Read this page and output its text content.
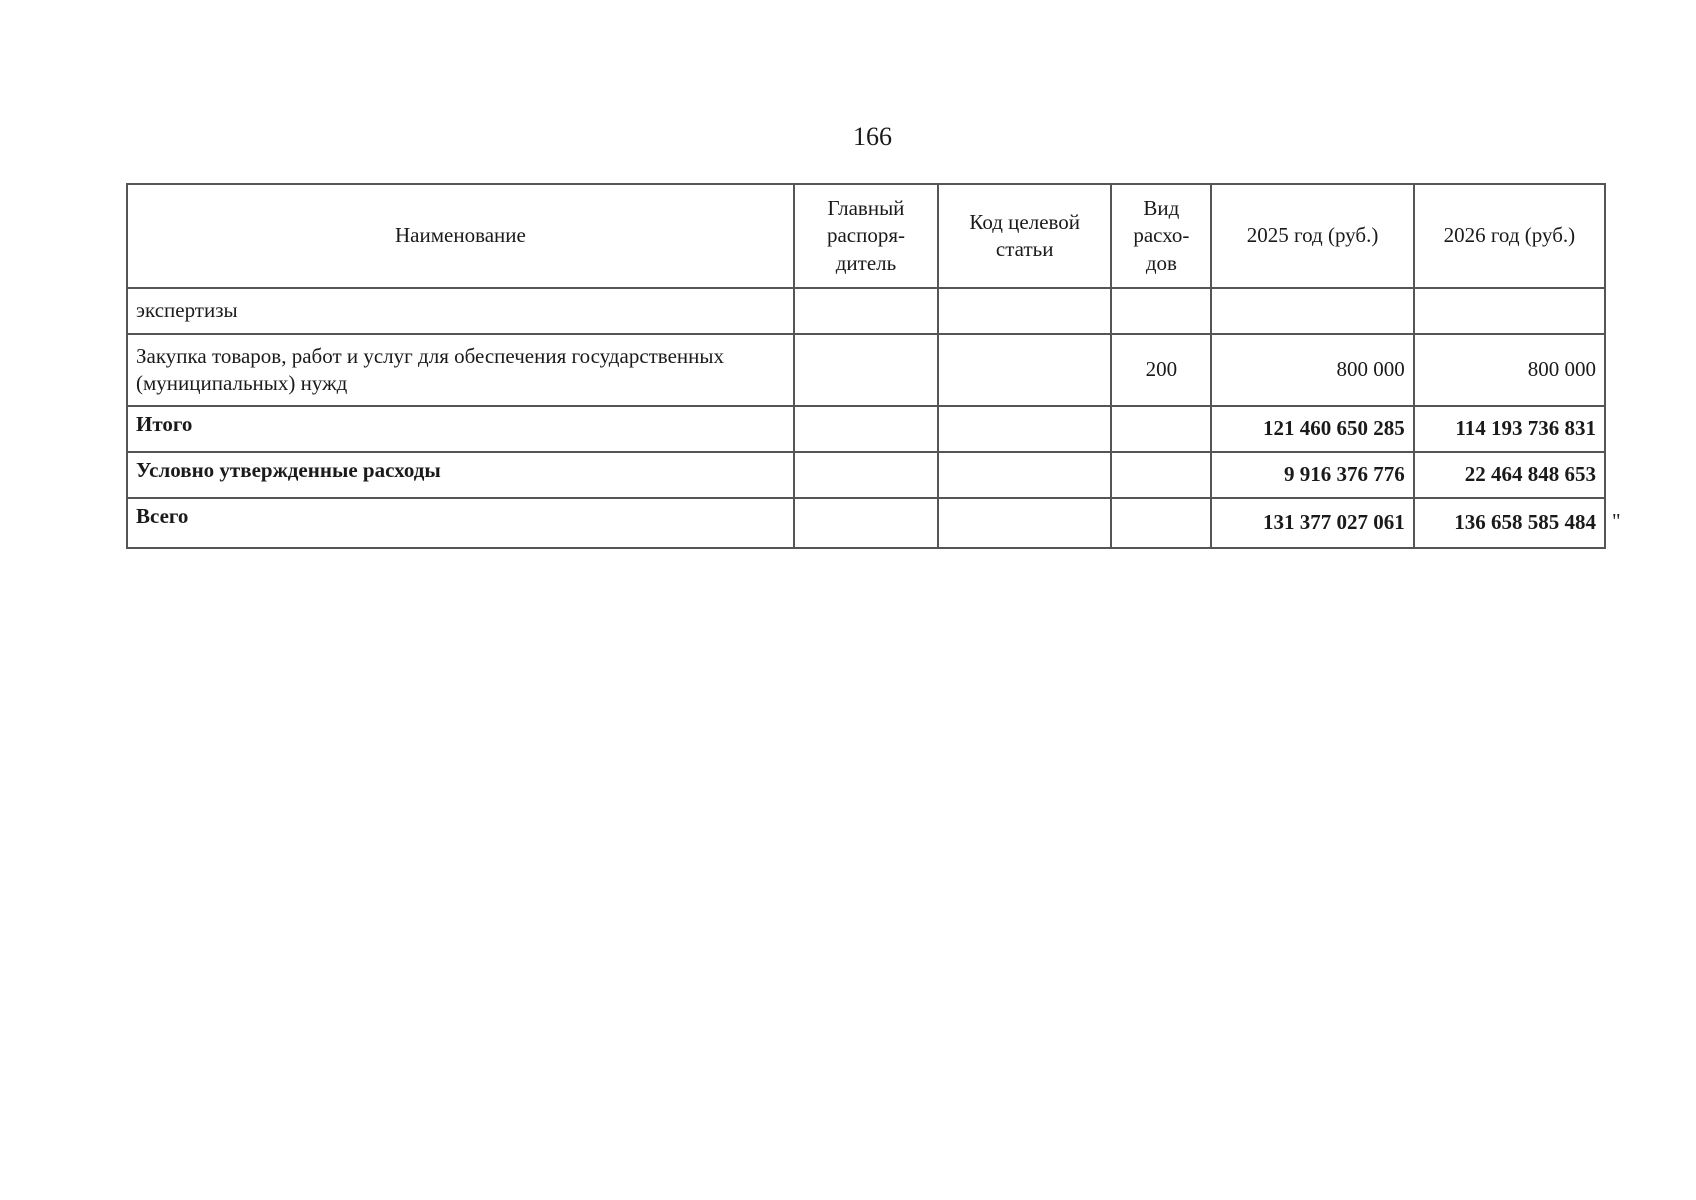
166
Наименование	Главный распоря-дитель	Код целевой статьи	Вид расхо-дов	2025 год (руб.)	2026 год (руб.)
экспертизы					
Закупка товаров, работ и услуг для обеспечения государственных (муниципальных) нужд			200	800 000	800 000
Итого				121 460 650 285	114 193 736 831
Условно утвержденные расходы				9 916 376 776	22 464 848 653
Всего				131 377 027 061	136 658 585 484 "
